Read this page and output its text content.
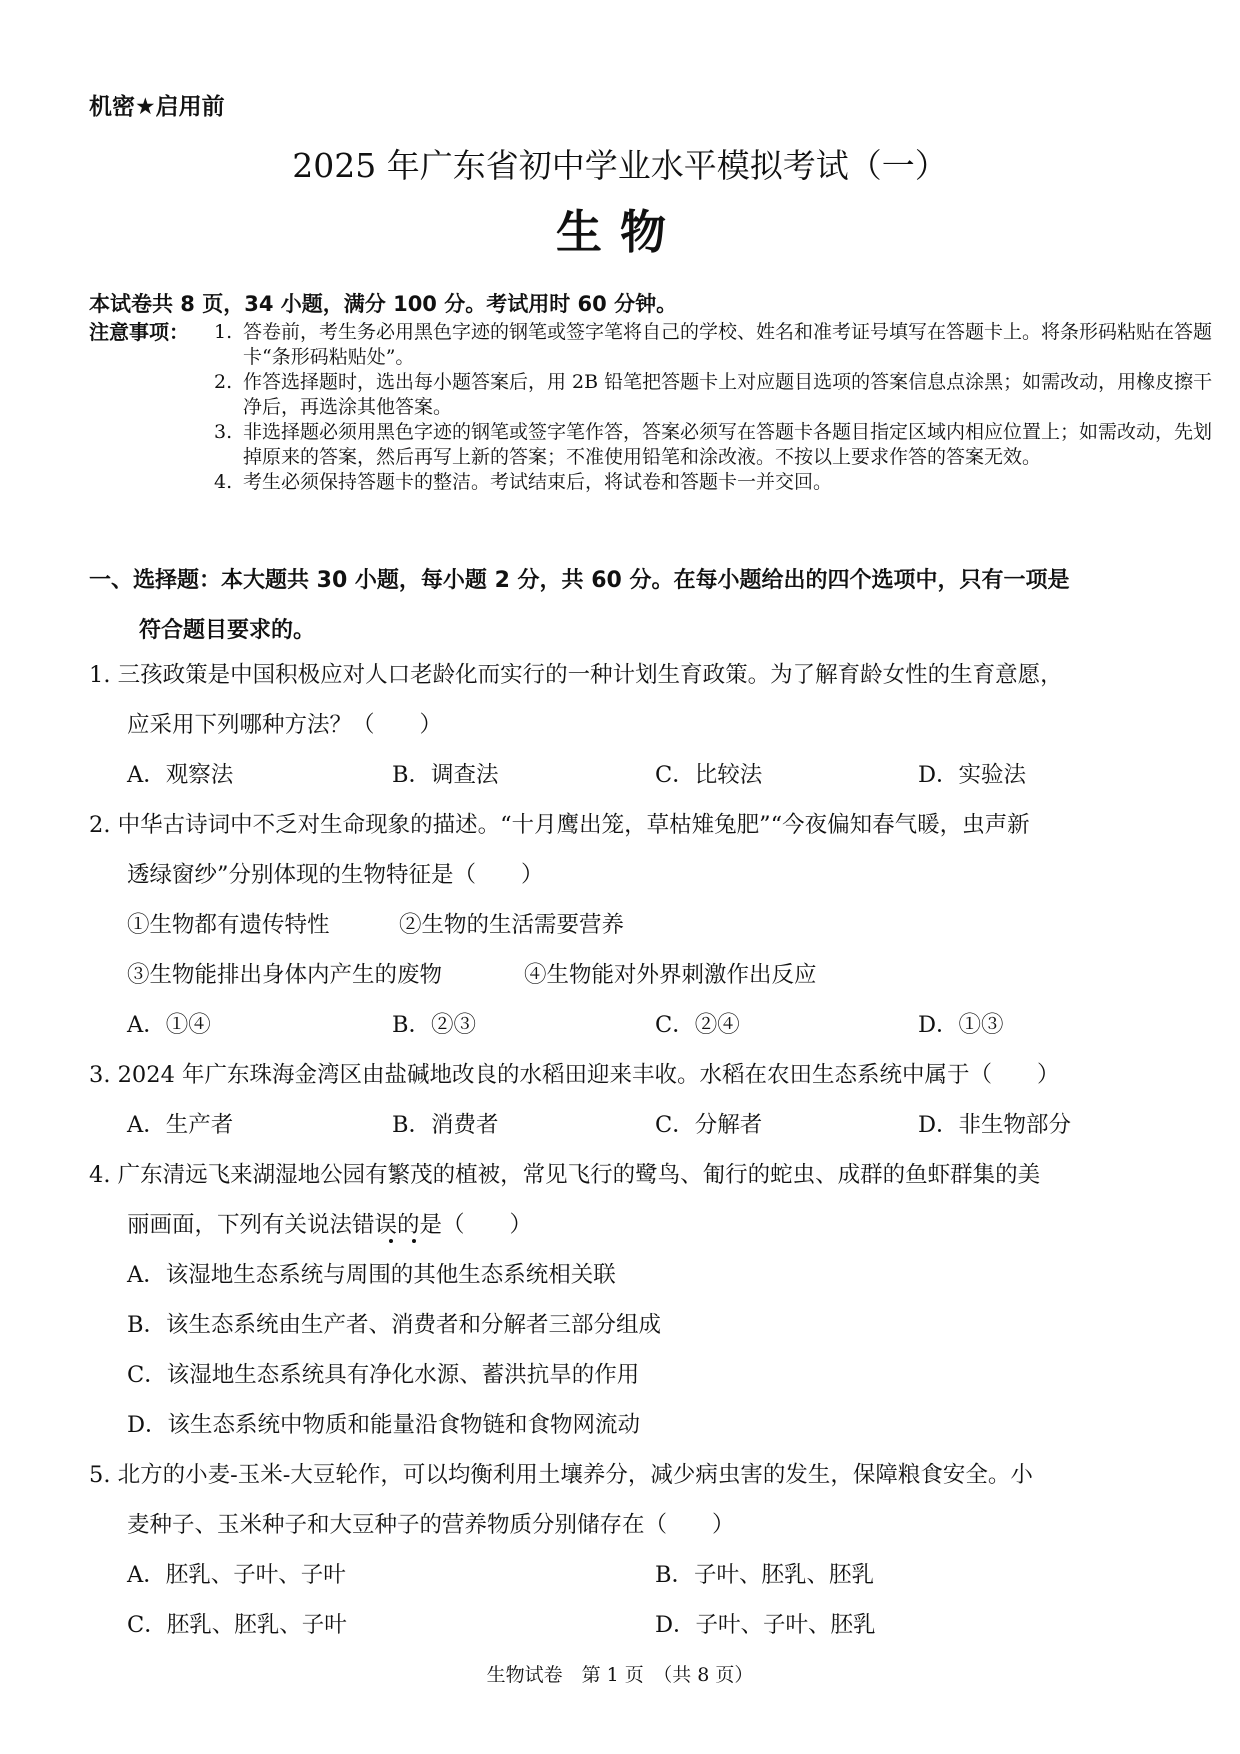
机密★启用前
2025 年广东省初中学业水平模拟考试（一）
生物
本试卷共 8 页，34 小题，满分 100 分。考试用时 60 分钟。
注意事项： 1. 答卷前，考生务必用黑色字迹的钢笔或签字笔将自己的学校、姓名和准考证号填写在答题卡上。将条形码粘贴在答题卡“条形码粘贴处”。
2. 作答选择题时，选出每小题答案后，用 2B 铅笔把答题卡上对应题目选项的答案信息点涂黑；如需改动，用橡皮擦干净后，再选涂其他答案。
3. 非选择题必须用黑色字迹的钢笔或签字笔作答，答案必须写在答题卡各题目指定区域内相应位置上；如需改动，先划掉原来的答案，然后再写上新的答案；不准使用铅笔和涂改液。不按以上要求作答的答案无效。
4. 考生必须保持答题卡的整洁。考试结束后，将试卷和答题卡一并交回。
一、选择题：本大题共 30 小题，每小题 2 分，共 60 分。在每小题给出的四个选项中，只有一项是
符合题目要求的。
1. 三孩政策是中国积极应对人口老龄化而实行的一种计划生育政策。为了解育龄女性的生育意愿，
应采用下列哪种方法？（　　）
A．观察法	B．调查法	C．比较法	D．实验法
2. 中华古诗词中不乏对生命现象的描述。“十月鹰出笼，草枯雉兔肥”“今夜偏知春气暖，虫声新
透绿窗纱”分别体现的生物特征是（　　）
①生物都有遗传特性	②生物的生活需要营养
③生物能排出身体内产生的废物	④生物能对外界刺激作出反应
A．①④	B．②③	C．②④	D．①③
3. 2024 年广东珠海金湾区由盐碱地改良的水稻田迎来丰收。水稻在农田生态系统中属于（　　）
A．生产者	B．消费者	C．分解者	D．非生物部分
4. 广东清远飞来湖湿地公园有繁茂的植被，常见飞行的鹭鸟、匍行的蛇虫、成群的鱼虾群集的美
丽画面，下列有关说法错误的是（　　）
A．该湿地生态系统与周围的其他生态系统相关联
B．该生态系统由生产者、消费者和分解者三部分组成
C．该湿地生态系统具有净化水源、蓄洪抗旱的作用
D．该生态系统中物质和能量沿食物链和食物网流动
5. 北方的小麦-玉米-大豆轮作，可以均衡利用土壤养分，减少病虫害的发生，保障粮食安全。小
麦种子、玉米种子和大豆种子的营养物质分别储存在（　　）
A．胚乳、子叶、子叶	B．子叶、胚乳、胚乳
C．胚乳、胚乳、子叶	D．子叶、子叶、胚乳
生物试卷　第 1 页　（共 8 页）
